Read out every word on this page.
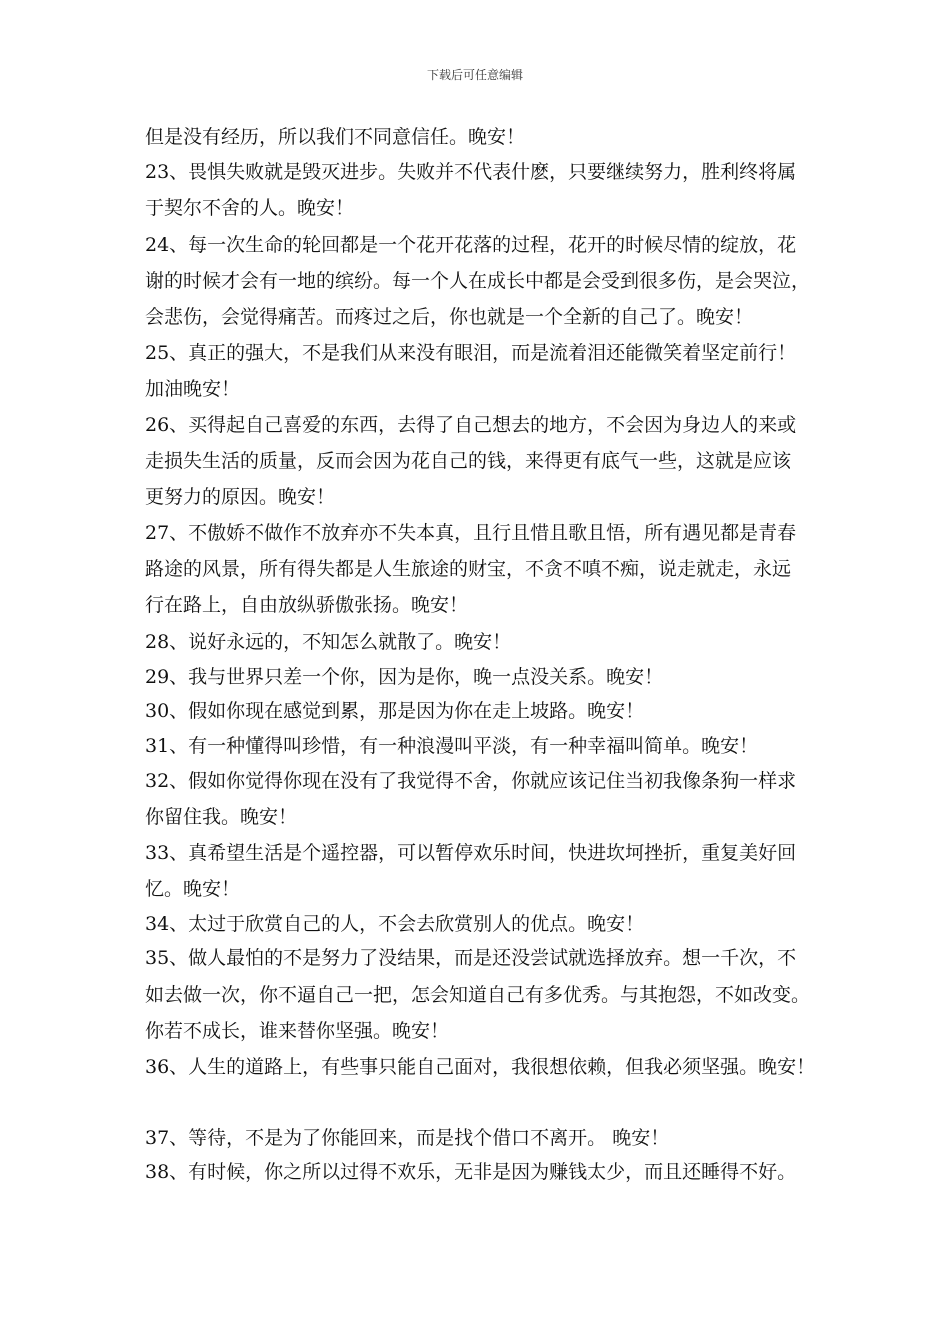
下载后可任意编辑
但是没有经历，所以我们不同意信任。晚安！
23、畏惧失败就是毁灭进步。失败并不代表什麽，只要继续努力，胜利终将属
于契尔不舍的人。晚安！
24、每一次生命的轮回都是一个花开花落的过程，花开的时候尽情的绽放，花
谢的时候才会有一地的缤纷。每一个人在成长中都是会受到很多伤，是会哭泣，
会悲伤，会觉得痛苦。而疼过之后，你也就是一个全新的自己了。晚安！
25、真正的强大，不是我们从来没有眼泪，而是流着泪还能微笑着坚定前行！
加油晚安！
26、买得起自己喜爱的东西，去得了自己想去的地方，不会因为身边人的来或
走损失生活的质量，反而会因为花自己的钱，来得更有底气一些，这就是应该
更努力的原因。晚安！
27、不傲娇不做作不放弃亦不失本真，且行且惜且歌且悟，所有遇见都是青春
路途的风景，所有得失都是人生旅途的财宝，不贪不嗔不痴，说走就走，永远
行在路上，自由放纵骄傲张扬。晚安！
28、说好永远的，不知怎么就散了。晚安！
29、我与世界只差一个你，因为是你，晚一点没关系。晚安！
30、假如你现在感觉到累，那是因为你在走上坡路。晚安！
31、有一种懂得叫珍惜，有一种浪漫叫平淡，有一种幸福叫简单。晚安！
32、假如你觉得你现在没有了我觉得不舍，你就应该记住当初我像条狗一样求
你留住我。晚安！
33、真希望生活是个遥控器，可以暂停欢乐时间，快进坎坷挫折，重复美好回
忆。晚安！
34、太过于欣赏自己的人，不会去欣赏别人的优点。晚安！
35、做人最怕的不是努力了没结果，而是还没尝试就选择放弃。想一千次，不
如去做一次，你不逼自己一把，怎会知道自己有多优秀。与其抱怨，不如改变。
你若不成长，谁来替你坚强。晚安！
36、人生的道路上，有些事只能自己面对，我很想依赖，但我必须坚强。晚安！
37、等待，不是为了你能回来，而是找个借口不离开。 晚安！
38、有时候，你之所以过得不欢乐，无非是因为赚钱太少，而且还睡得不好。
